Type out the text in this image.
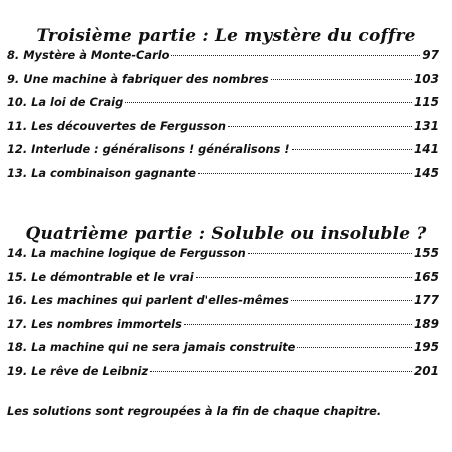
Troisième partie : Le mystère du coffre
8. Mystère à Monte-Carlo	97
9. Une machine à fabriquer des nombres	103
10. La loi de Craig	115
11. Les découvertes de Fergusson	131
12. Interlude : généralisons ! généralisons !	141
13. La combinaison gagnante	145
Quatrième partie : Soluble ou insoluble ?
14. La machine logique de Fergusson	155
15. Le démontrable et le vrai	165
16. Les machines qui parlent d'elles-mêmes	177
17. Les nombres immortels	189
18. La machine qui ne sera jamais construite	195
19. Le rêve de Leibniz	201
Les solutions sont regroupées à la fin de chaque chapitre.
